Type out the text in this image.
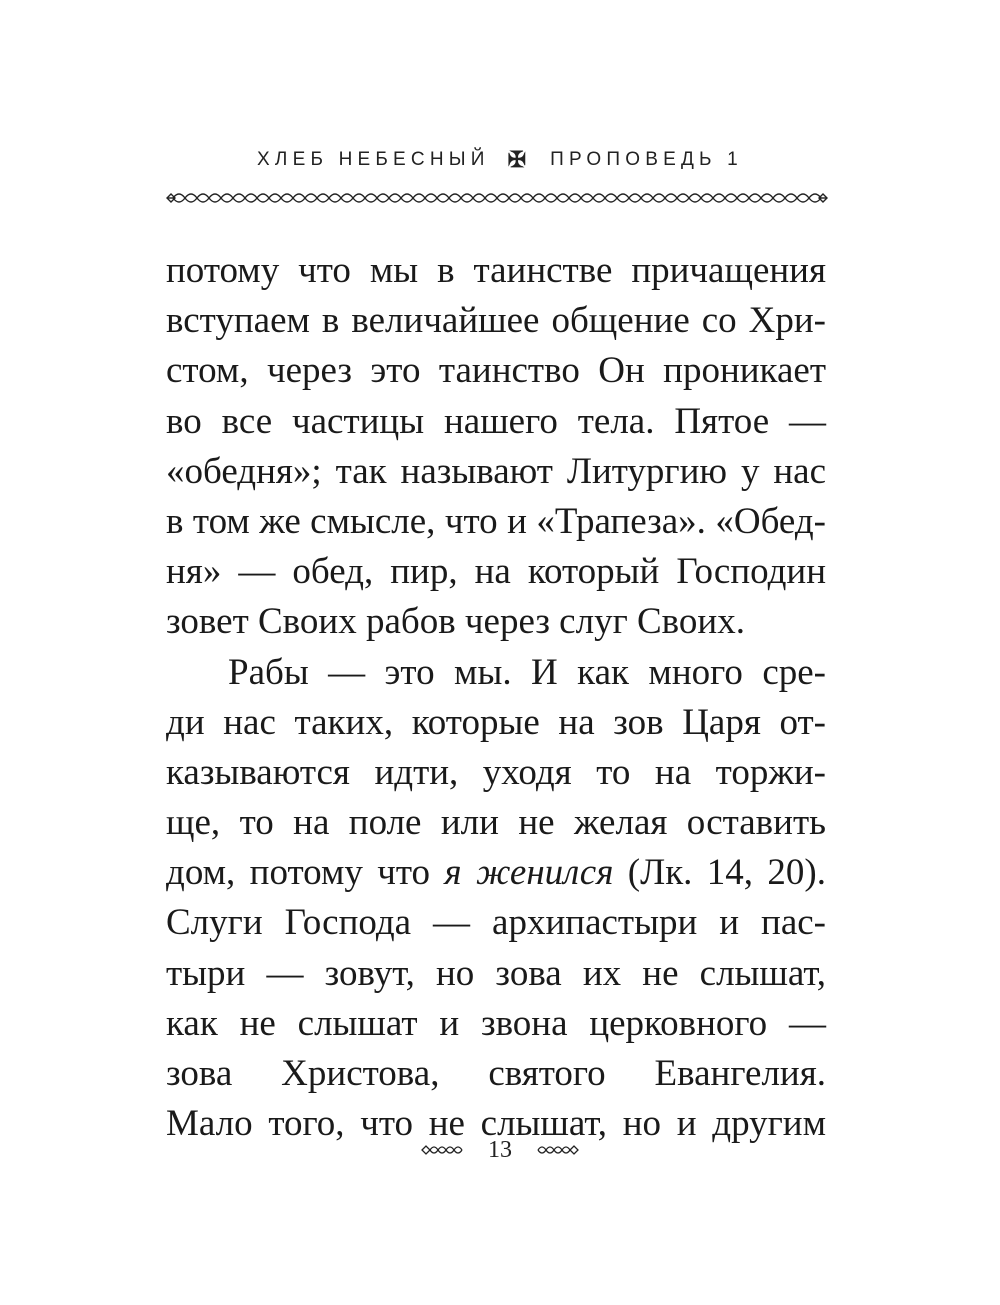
ХЛЕБ НЕБЕСНЫЙ ✠ ПРОПОВЕДЬ 1
потому что мы в таинстве причащения
вступаем в величайшее общение со Хри-
стом, через это таинство Он проникает
во все частицы нашего тела. Пятое —
«обедня»; так называют Литургию у нас
в том же смысле, что и «Трапеза». «Обед-
ня» — обед, пир, на который Господин
зовет Своих рабов через слуг Своих.
Рабы — это мы. И как много сре-
ди нас таких, которые на зов Царя от-
казываются идти, уходя то на торжи-
ще, то на поле или не желая оставить
дом, потому что я женился (Лк. 14, 20).
Слуги Господа — архипастыри и пас-
тыри — зовут, но зова их не слышат,
как не слышат и звона церковного —
зова Христова, святого Евангелия.
Мало того, что не слышат, но и другим
13
